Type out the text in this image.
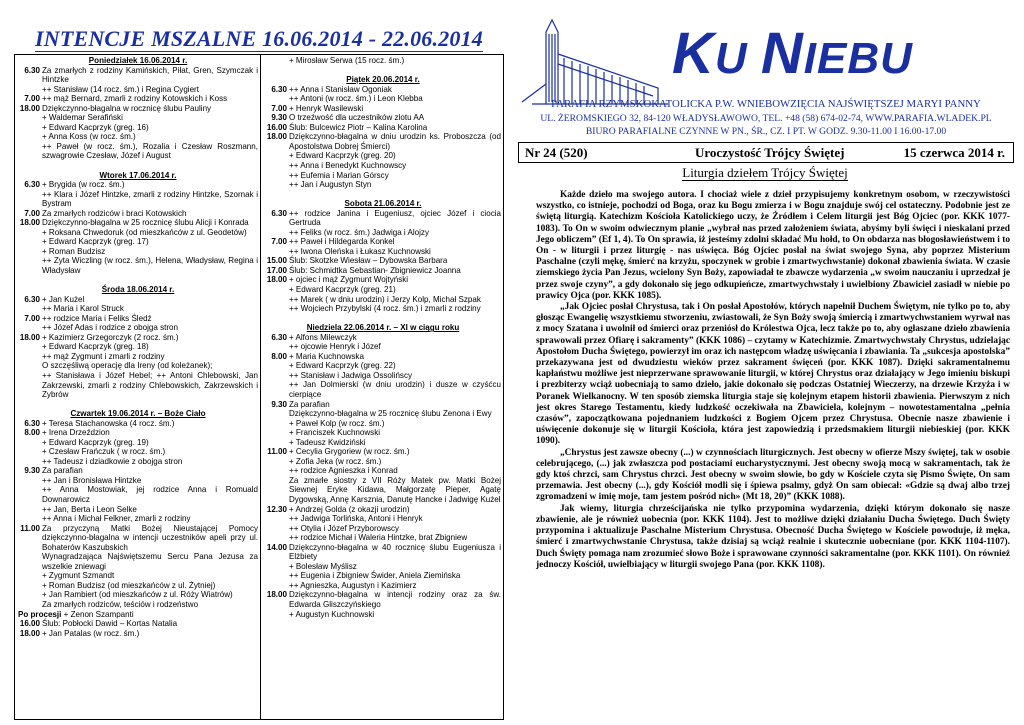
INTENCJE MSZALNE 16.06.2014 - 22.06.2014
Poniedziałek 16.06.2014 r.
6.30 Za zmarłych z rodziny Kamińskich, Piłat, Gren, Szymczak i Hintzke
++ Stanisław (14 rocz. śm.) i Regina Cygiert
7.00 ++ mąż Bernard, zmarli z rodziny Kotowskich i Koss
18.00 Dziękczynno-błagalna w rocznicę ślubu Pauliny
+ Waldemar Serafiński
+ Edward Kacprzyk (greg. 16)
+ Anna Koss (w rocz. śm.)
++ Paweł (w rocz. śm.), Rozalia i Czesław Roszmann, szwagrowie Czesław, Józef i August
Wtorek 17.06.2014 r.
6.30 + Brygida (w rocz. śm.)
++ Klara i Józef Hintzke, zmarli z rodziny Hintzke, Szornak i Bystram
7.00 Za zmarłych rodziców i braci Kotowskich
18.00 Dziękczynno-błagalna w 25 rocznicę ślubu Alicji i Konrada
+ Roksana Chwedoruk (od mieszkańców z ul. Geodetów)
+ Edward Kacprzyk (greg. 17)
+ Roman Budzisz
++ Zyta Wiczling (w rocz. śm.), Helena, Władysław, Regina i Władysław
Środa 18.06.2014 r.
6.30 + Jan Kużel
++ Maria i Karol Struck
7.00 ++ rodzice Maria i Feliks Śledź
++ Józef Adas i rodzice z obojga stron
18.00 + Kazimierz Grzegorczyk (2 rocz. śm.)
+ Edward Kacprzyk (greg. 18)
++ mąż Zygmunt i zmarli z rodziny
O szczęśliwą operację dla Ireny (od koleżanek);
++ Stanisława i Józef Hebel; ++ Antoni Chlebowski, Jan Zakrzewski, zmarli z rodziny Chlebowskich, Zakrzewskich i Zybrów
Czwartek 19.06.2014 r. – Boże Ciało
6.30 + Teresa Stachanowska (4 rocz. śm.)
8.00 + Irena Drzeździon
+ Edward Kacprzyk (greg. 19)
+ Czesław Frańczuk ( w rocz. śm.)
++ Tadeusz i dziadkowie z obojga stron
9.30 Za parafian
++ Jan i Bronisława Hintzke
++ Anna Mostowiak, jej rodzice Anna i Romuald Downarowicz
++ Jan, Berta i Leon Selke
++ Anna i Michał Felkner, zmarli z rodziny
11.00 Za przyczyną Matki Bożej Nieustającej Pomocy dziękczynno-błagalna w intencji uczestników apeli przy ul. Bohaterów Kaszubskich
Wynagradzająca Najświętszemu Sercu Pana Jezusa za wszelkie zniewagi
+ Zygmunt Szmandt
+ Roman Budzisz (od mieszkańców z ul. Żytniej)
+ Jan Rambiert (od mieszkańców z ul. Róży Wiatrów)
Za zmarłych rodziców, teściów i rodzeństwo
Po procesji + Zenon Szampanti
16.00 Ślub: Pobłocki Dawid – Kortas Natalia
18.00 + Jan Patalas (w rocz. śm.)
+ Mirosław Serwa (15 rocz. śm.)
Piątek 20.06.2014 r.
6.30 ++ Anna i Stanisław Ogoniak
++ Antoni (w rocz. śm.) i Leon Klebba
7.00 + Henryk Wasilewski
9.30 O trzeźwość dla uczestników zlotu AA
16.00 Ślub: Bulcewicz Piotr – Kalina Karolina
18.00 Dziękczynno-błagalna w dniu urodzin ks. Proboszcza (od Apostolstwa Dobrej Śmierci)
+ Edward Kacprzyk (greg. 20)
++ Anna i Benedykt Kuchnowscy
++ Eufemia i Marian Górscy
++ Jan i Augustyn Styn
Sobota 21.06.2014 r.
6.30 ++ rodzice Janina i Eugeniusz, ojciec Józef i ciocia Gertruda
++ Feliks (w rocz. śm.) Jadwiga i Alojzy
7.00 ++ Paweł i Hildegarda Konkel
++ Iwona Oleńska i Łukasz Kuchnowski
15.00 Ślub: Skotzke Wiesław – Dybowska Barbara
17.00 Ślub: Schmidtka Sebastian- Zbigniewicz Joanna
18.00 + ojciec i mąż Zygmunt Wojtyński
+ Edward Kacprzyk (greg. 21)
++ Marek ( w dniu urodzin) i Jerzy Kolp, Michał Szpak
++ Wojciech Przybylski (4 rocz. śm.) i zmarli z rodziny
Niedziela 22.06.2014 r. – XI w ciągu roku
6.30 + Alfons Milewczyk
++ ojcowie Henryk i Józef
8.00 + Maria Kuchnowska
+ Edward Kacprzyk (greg. 22)
++ Stanisław i Jadwiga Ossolińscy
++ Jan Dolmierski (w dniu urodzin) i dusze w czyśćcu cierpiące
9.30 Za parafian
Dziękczynno-błagalna w 25 rocznicę ślubu Zenona i Ewy
+ Paweł Kolp (w rocz. śm.)
+ Franciszek Kuchnowski
+ Tadeusz Kwidziński
11.00 + Cecylia Grygoriew (w rocz. śm.)
+ Zofia Jeka (w rocz. śm.)
++ rodzice Agnieszka i Konrad
Za zmarłe siostry z VII Róży Matek pw. Matki Bożej Siewnej Eryke Kidawa, Małgorzatę Pieper, Agatę Dygowską, Annę Karsznia, Danutę Hancke i Jadwigę Kużel
12.30 + Andrzej Golda (z okazji urodzin)
++ Jadwiga Torlińska, Antoni i Henryk
++ Otylia i Józef Przyborowscy
++ rodzice Michał i Waleria Hintzke, brat Zbigniew
14.00 Dziękczynno-błagalna w 40 rocznicę ślubu Eugeniusza i Elżbiety
+ Bolesław Myślisz
++ Eugenia i Zbigniew Świder, Aniela Ziemińska
++ Agnieszka, Augustyn i Kazimierz
18.00 Dziękczynno-błagalna w intencji rodziny oraz za św. Edwarda Gliszczyńskiego
+ Augustyn Kuchnowski
KU NIEBU
PARAFIA RZYMSKOKATOLICKA P.W. WNIEBOWZIĘCIA NAJŚWIĘTSZEJ MARYI PANNY
UL. ŻEROMSKIEGO 32, 84-120 WŁADYSŁAWOWO, TEL. +48 (58) 674-02-74, WWW.PARAFIA.WLADEK.PL
BIURO PARAFIALNE CZYNNE W PN., ŚR., CZ. I PT. W GODZ. 9.30-11.00 I 16.00-17.00
Nr 24 (520)	Uroczystość Trójcy Świętej	15 czerwca 2014 r.
Liturgia dziełem Trójcy Świętej

Każde dzieło ma swojego autora. I chociaż wiele z dzieł przypisujemy konkretnym osobom, w rzeczywistości wszystko, co istnieje, pochodzi od Boga, oraz ku Bogu zmierza i w Bogu znajduje swój cel ostateczny. Podobnie jest ze świętą liturgią. Katechizm Kościoła Katolickiego uczy, że Źródłem i Celem liturgii jest Bóg Ojciec (por. KKK 1077-1083). To On w swoim odwiecznym planie „wybrał nas przed założeniem świata, abyśmy byli święci i nieskalani przed Jego obliczem” (Ef 1, 4). To On sprawia, iż jesteśmy zdolni składać Mu hołd, to On obdarza nas błogosławieństwem i to On - w liturgii i przez liturgię - nas uświęca. Bóg Ojciec posłał na świat swojego Syna, aby poprzez Misterium Paschalne (czyli mękę, śmierć na krzyżu, spoczynek w grobie i zmartwychwstanie) dokonał zbawienia świata. W czasie ziemskiego życia Pan Jezus, wcielony Syn Boży, zapowiadał te zbawcze wydarzenia „w swoim nauczaniu i uprzedzał je przez swoje czyny”, a gdy dokonało się jego odkupieńcze, zmartwychwstały i uwielbiony Zbawiciel zasiadł w niebie po prawicy Ojca (por. KKK 1085).

„Jak Ojciec posłał Chrystusa, tak i On posłał Apostołów, których napełnił Duchem Świętym, nie tylko po to, aby głosząc Ewangelię wszystkiemu stworzeniu, zwiastowali, że Syn Boży swoją śmiercią i zmartwychwstaniem wyrwał nas z mocy Szatana i uwolnił od śmierci oraz przeniósł do Królestwa Ojca, lecz także po to, aby ogłaszane dzieło zbawienia sprawowali przez Ofiarę i sakramenty” (KKK 1086) – czytamy w Katechizmie. Zmartwychwstały Chrystus, udzielając Apostołom Ducha Świętego, powierzył im oraz ich następcom władzę uświęcania i zbawiania. Ta „sukcesja apostolska” przekazywana jest od dwudziestu wieków przez sakrament święceń (por. KKK 1087). Dzięki sakramentalnemu kapłaństwu możliwe jest nieprzerwane sprawowanie liturgii, w której Chrystus oraz działający w Jego imieniu biskupi i prezbiterzy wciąż uobecniają to samo dzieło, jakie dokonało się podczas Ostatniej Wieczerzy, na drzewie Krzyża i w Poranek Wielkanocny. W ten sposób ziemska liturgia staje się kolejnym etapem historii zbawienia. Pierwszym z nich jest okres Starego Testamentu, kiedy ludzkość oczekiwała na Zbawiciela, kolejnym – nowotestamentalna „pełnia czasów”, zapoczątkowana pojednaniem ludzkości z Bogiem Ojcem przez Chrystusa. Obecnie nasze zbawienie i uświęcenie dokonuje się w liturgii Kościoła, która jest zapowiedzią i przedsmakiem liturgii niebieskiej (por. KKK 1090).

„Chrystus jest zawsze obecny (...) w czynnościach liturgicznych. Jest obecny w ofierze Mszy świętej, tak w osobie celebrującego, (...) jak zwłaszcza pod postaciami eucharystycznymi. Jest obecny swoją mocą w sakramentach, tak że gdy ktoś chrzci, sam Chrystus chrzci. Jest obecny w swoim słowie, bo gdy w Kościele czyta się Pismo Święte, On sam przemawia. Jest obecny (...), gdy Kościół modli się i śpiewa psalmy, gdyż On sam obiecał: «Gdzie są dwaj albo trzej zgromadzeni w imię moje, tam jestem pośród nich» (Mt 18, 20)” (KKK 1088).

Jak wiemy, liturgia chrześcijańska nie tylko przypomina wydarzenia, dzięki którym dokonało się nasze zbawienie, ale je również uobecnia (por. KKK 1104). Jest to możliwe dzięki działaniu Ducha Świętego. Duch Święty przypomina i aktualizuje Paschalne Misterium Chrystusa. Obecność Ducha Świętego w Kościele powoduje, iż męka, śmierć i zmartwychwstanie Chrystusa, także dzisiaj są wciąż realnie i skutecznie uobecniane (por. KKK 1104-1107). Duch Święty pomaga nam zrozumieć słowo Boże i sprawowane czynności sakramentalne (por. KKK 1101). On również jednoczy Kościół, uwielbiający w liturgii swojego Pana (por. KKK 1108).
